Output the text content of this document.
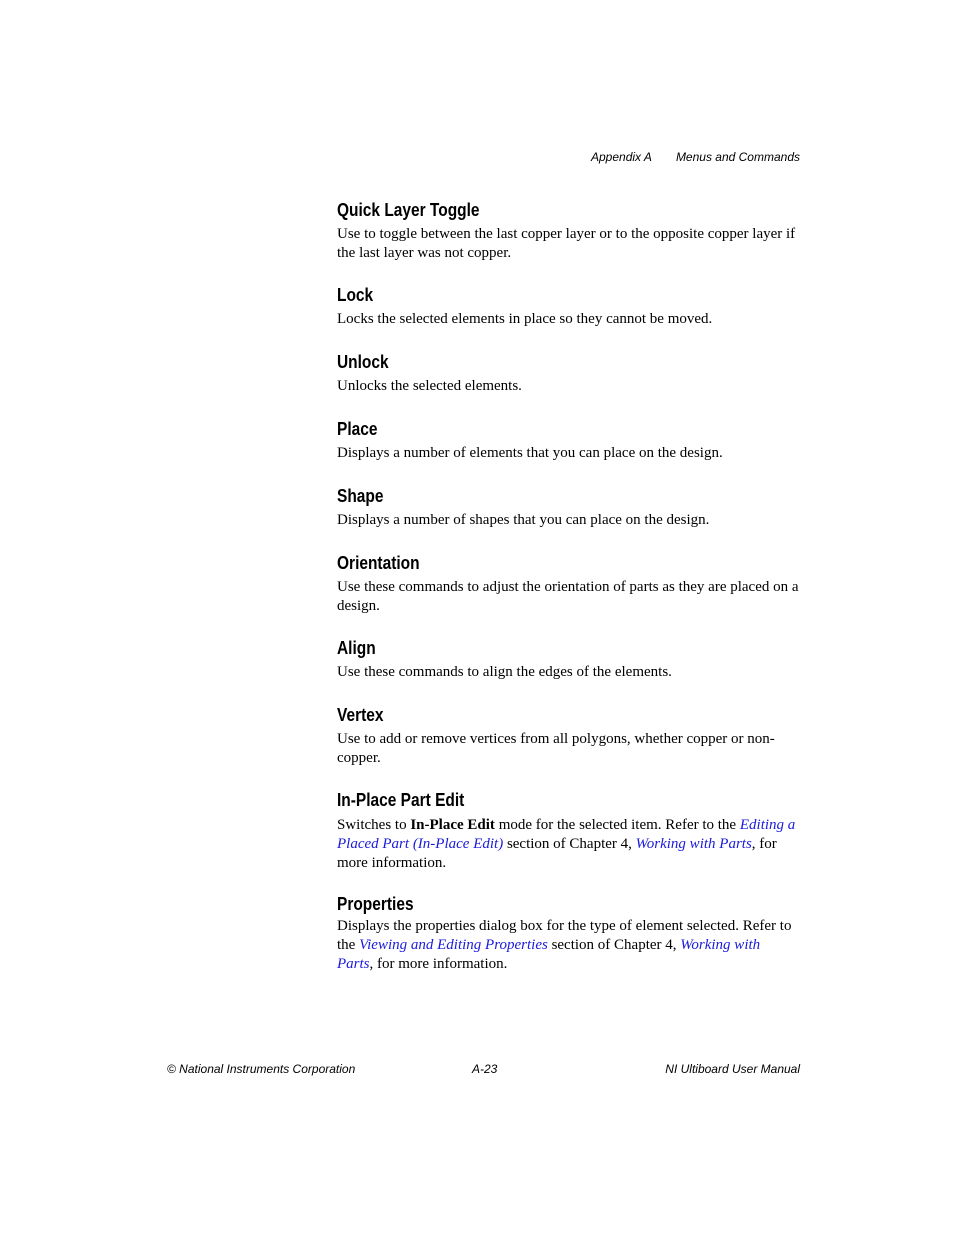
Appendix A Menus and Commands
Quick Layer Toggle

Use to toggle between the last copper layer or to the opposite copper layer if the last layer was not copper.

Lock

Locks the selected elements in place so they cannot be moved.

Unlock

Unlocks the selected elements.

Place

Displays a number of elements that you can place on the design.

Shape

Displays a number of shapes that you can place on the design.

Orientation

Use these commands to adjust the orientation of parts as they are placed on a design.

Align

Use these commands to align the edges of the elements.

Vertex

Use to add or remove vertices from all polygons, whether copper or non-copper.

In-Place Part Edit

Switches to In-Place Edit mode for the selected item. Refer to the Editing a Placed Part (In-Place Edit) section of Chapter 4, Working with Parts, for more information.

Properties

Displays the properties dialog box for the type of element selected. Refer to the Viewing and Editing Properties section of Chapter 4, Working with Parts, for more information.

© National Instruments Corporation	A-23	NI Ultiboard User Manual
